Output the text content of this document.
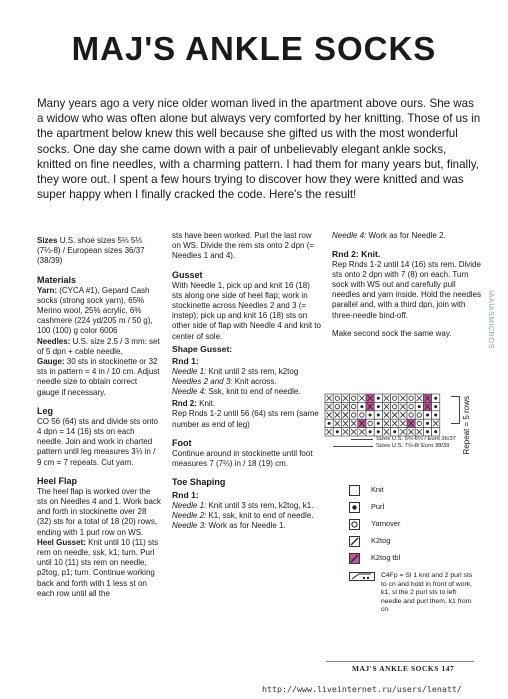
MAJ'S ANKLE SOCKS

Many years ago a very nice older woman lived in the apartment above ours. She was a widow who was often alone but always very comforted by her knitting. Those of us in the apartment below knew this well because she gifted us with the most wonderful socks. One day she came down with a pair of unbelievably elegant ankle socks, knitted on fine needles, with a charming pattern. I had them for many years but, finally, they wore out. I spent a few hours trying to discover how they were knitted and was super happy when I finally cracked the code. Here's the result!

Sizes U.S. shoe sizes 5⅔ 5⅓ (7⅔-8) / European sizes 36/37 (38/39)

Materials

Yarn: (CYCA #1), Gepard Cash socks (strong sock yarn), 65% Merino wool, 25% acrylic, 6% cashmere (224 yd/205 m / 50 g), 100 (100) g color 6006

Needles: U.S. size 2.5 / 3 mm: set of 5 dpn + cable needle.

Gauge: 30 sts in stockinette or 32 sts in pattern = 4 in / 10 cm. Adjust needle size to obtain correct gauge if necessary.

Leg

CO 56 (64) sts and divide sts onto 4 dpn = 14 (16) sts on each needle. Join and work in charted pattern until leg measures 3⅓ in / 9 cm = 7 repeats. Cut yarn.

Heel Flap

The heel flap is worked over the sts on Needles 4 and 1. Work back and forth in stockinette over 28 (32) sts for a total of 18 (20) rows, ending with 1 purl row on WS.

Heel Gusset: Knit until 10 (11) sts rem on needle, ssk, k1; turn. Purl until 10 (11) sts rem on needle, p2tog, p1; turn. Continue working back and forth with 1 less st on each row until all the

sts have been worked. Purl the last row on WS. Divide the rem sts onto 2 dpn (= Needles 1 and 4).

Gusset

With Needle 1, pick up and knit 16 (18) sts along one side of heel flap; work in stockinette across Needles 2 and 3 (= instep); pick up and knit 16 (18) sts on other side of flap with Needle 4 and knit to center of sole.

Shape Gusset:

Rnd 1:

Needle 1: Knit until 2 sts rem, k2tog

Needles 2 and 3: Knit across.

Needle 4: Ssk, knit to end of needle.

Rnd 2: Knit.

Rep Rnds 1-2 until 56 (64) sts rem (same number as end of leg)

Foot

Continue around in stockinette until foot measures 7 (7⅔) in / 18 (19) cm.

Toe Shaping

Rnd 1:

Needle 1: Knit until 3 sts rem, k2tog, k1.

Needle 2: K1, ssk, knit to end of needle.

Needle 3: Work as for Needle 1.

Needle 4: Work as for Needle 2.

Rnd 2: Knit.

Rep Rnds 1-2 until 14 (16) sts rem. Divide sts onto 2 dpn with 7 (8) on each. Turn sock with WS out and carefully pull needles and yarn inside. Hold the needles parallel and, with a third dpn, join with three-needle bind-off.

Make second sock the same way.

Repeat = 5 rows
Sizes U.S. 5⅔-6⅓ / Euro 36/37
Sizes U.S. 7⅔-8/ Euro 38/39
Knit
Purl
Yarnover
K2tog
K2tog tbl
C4Fp = Sl 1 knit and 2 purl sts to cn and hold in front of work, k1, sl the 2 purl sts to left needle and purl them, k1 from cn
MAJ'S ANKLE SOCKS 147
IAAIASMICROS
http://www.liveinternet.ru/users/lenatt/
